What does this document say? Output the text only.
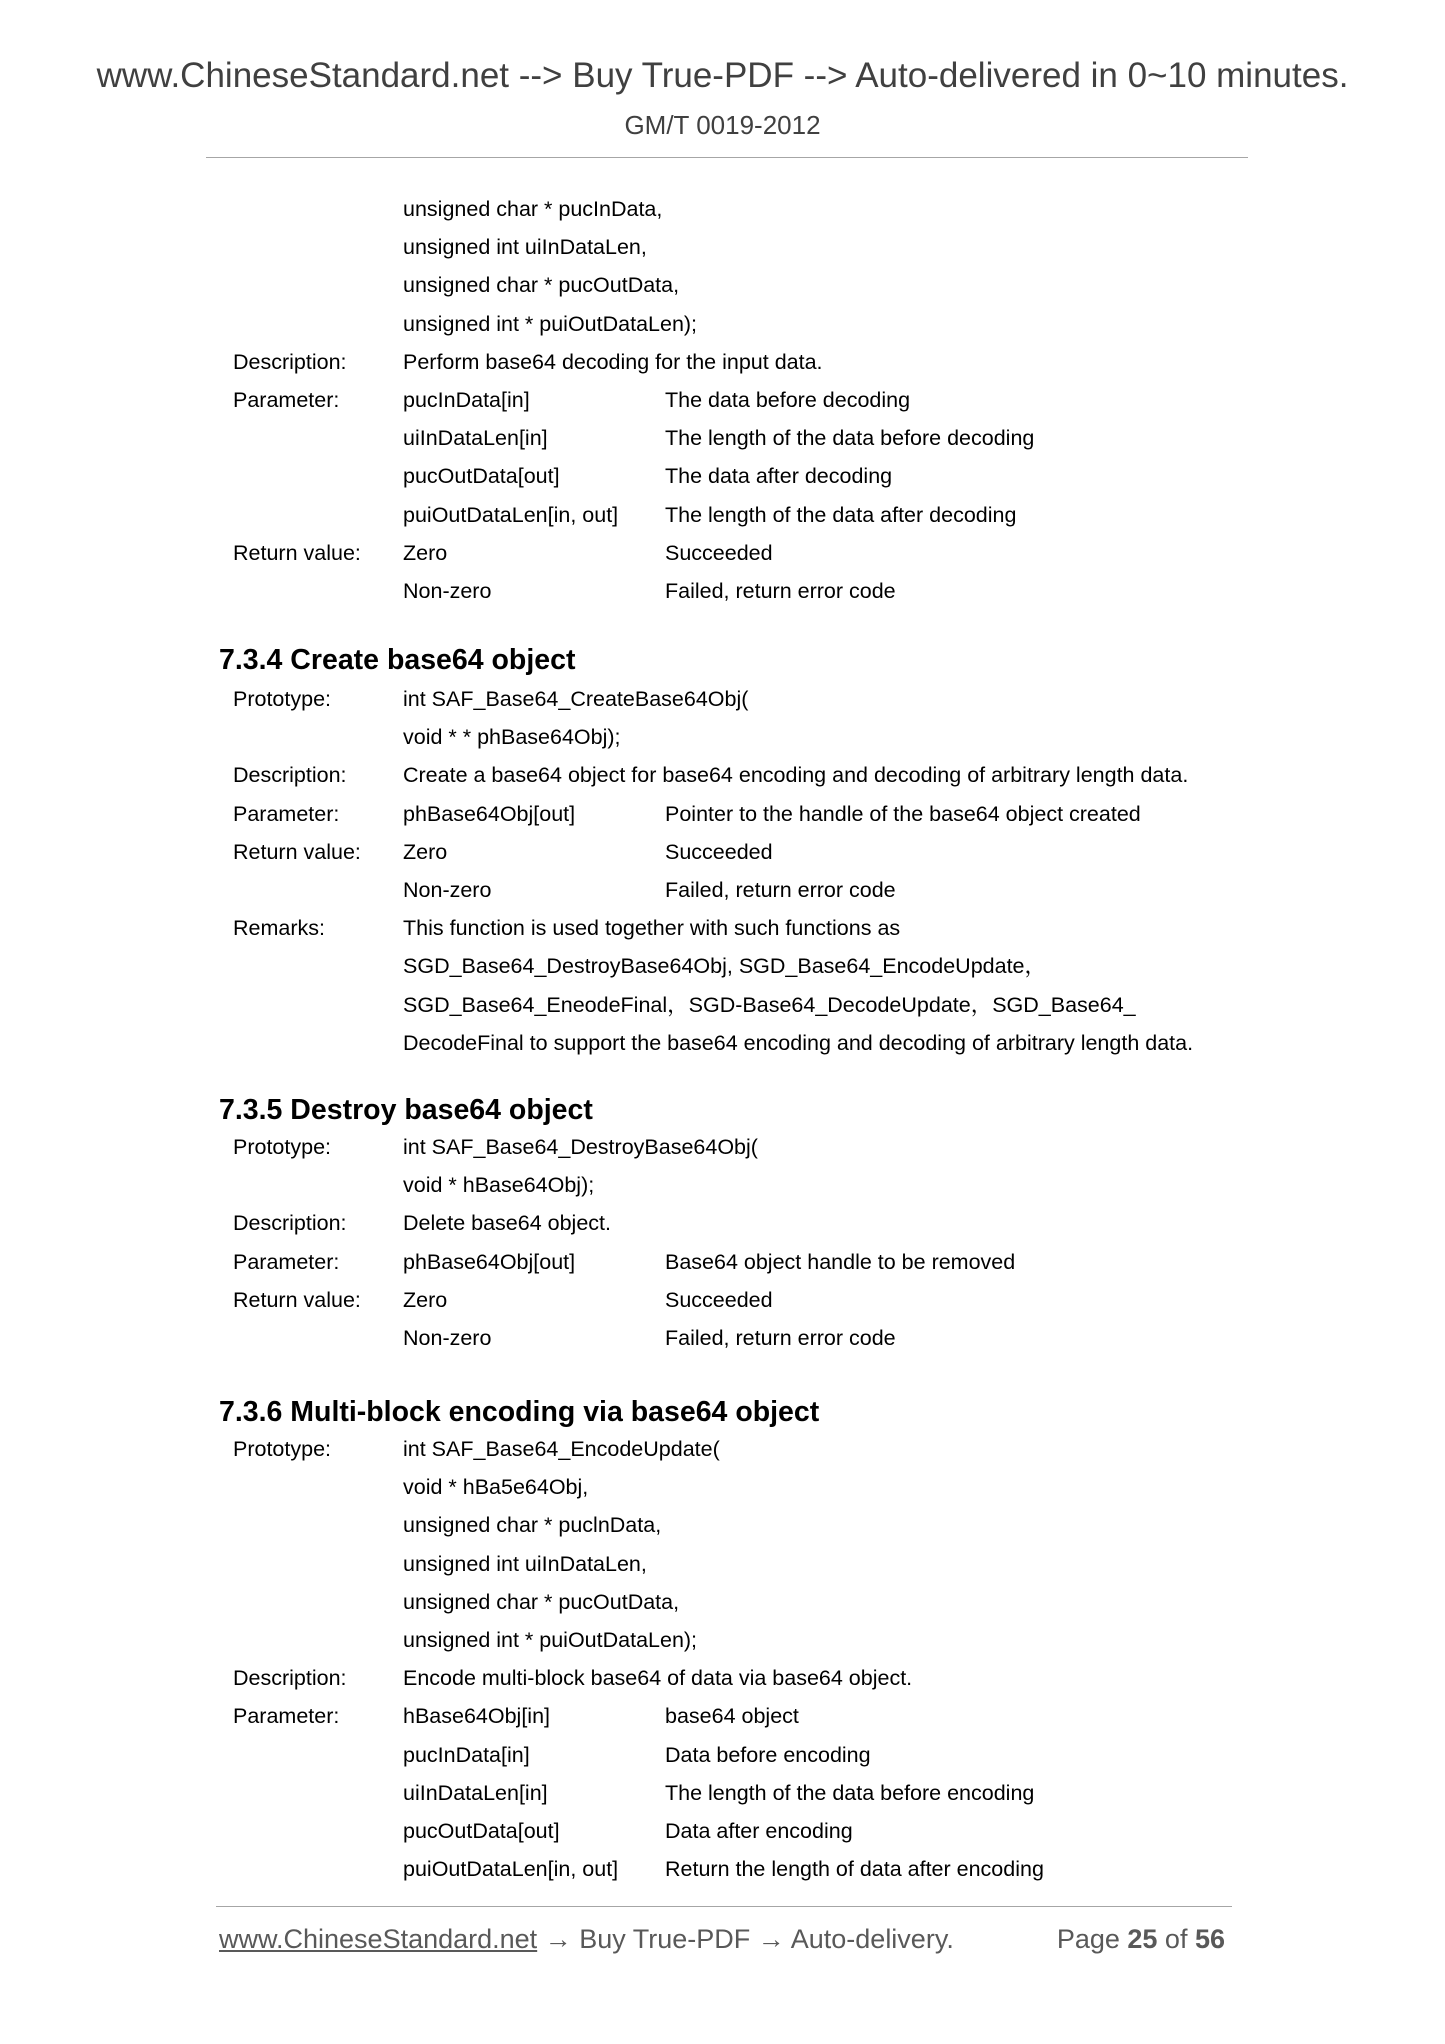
www.ChineseStandard.net --> Buy True-PDF --> Auto-delivered in 0~10 minutes.
GM/T 0019-2012
unsigned char * pucInData,
unsigned int uiInDataLen,
unsigned char * pucOutData,
unsigned int * puiOutDataLen);
Description:	Perform base64 decoding for the input data.
Parameter:	pucInData[in]	The data before decoding
uiInDataLen[in]	The length of the data before decoding
pucOutData[out]	The data after decoding
puiOutDataLen[in, out] The length of the data after decoding
Return value: Zero	Succeeded
Non-zero	Failed, return error code
7.3.4 Create base64 object
Prototype:	int SAF_Base64_CreateBase64Obj(
void * * phBase64Obj);
Description:	Create a base64 object for base64 encoding and decoding of arbitrary length data.
Parameter:	phBase64Obj[out]	Pointer to the handle of the base64 object created
Return value: Zero	Succeeded
Non-zero	Failed, return error code
Remarks:	This function is used together with such functions as
SGD_Base64_DestroyBase64Obj, SGD_Base64_EncodeUpdate，
SGD_Base64_EneodeFinal，SGD-Base64_DecodeUpdate，SGD_Base64_
DecodeFinal to support the base64 encoding and decoding of arbitrary length data.
7.3.5 Destroy base64 object
Prototype:	int SAF_Base64_DestroyBase64Obj(
void * hBase64Obj);
Description:	Delete base64 object.
Parameter:	phBase64Obj[out]	Base64 object handle to be removed
Return value: Zero	Succeeded
Non-zero	Failed, return error code
7.3.6 Multi-block encoding via base64 object
Prototype:	int SAF_Base64_EncodeUpdate(
void * hBa5e64Obj,
unsigned char * puclnData,
unsigned int uiInDataLen,
unsigned char * pucOutData,
unsigned int * puiOutDataLen);
Description:	Encode multi-block base64 of data via base64 object.
Parameter:	hBase64Obj[in]	base64 object
pucInData[in]	Data before encoding
uiInDataLen[in]	The length of the data before encoding
pucOutData[out]	Data after encoding
puiOutDataLen[in, out] Return the length of data after encoding
www.ChineseStandard.net → Buy True-PDF → Auto-delivery.	Page 25 of 56
